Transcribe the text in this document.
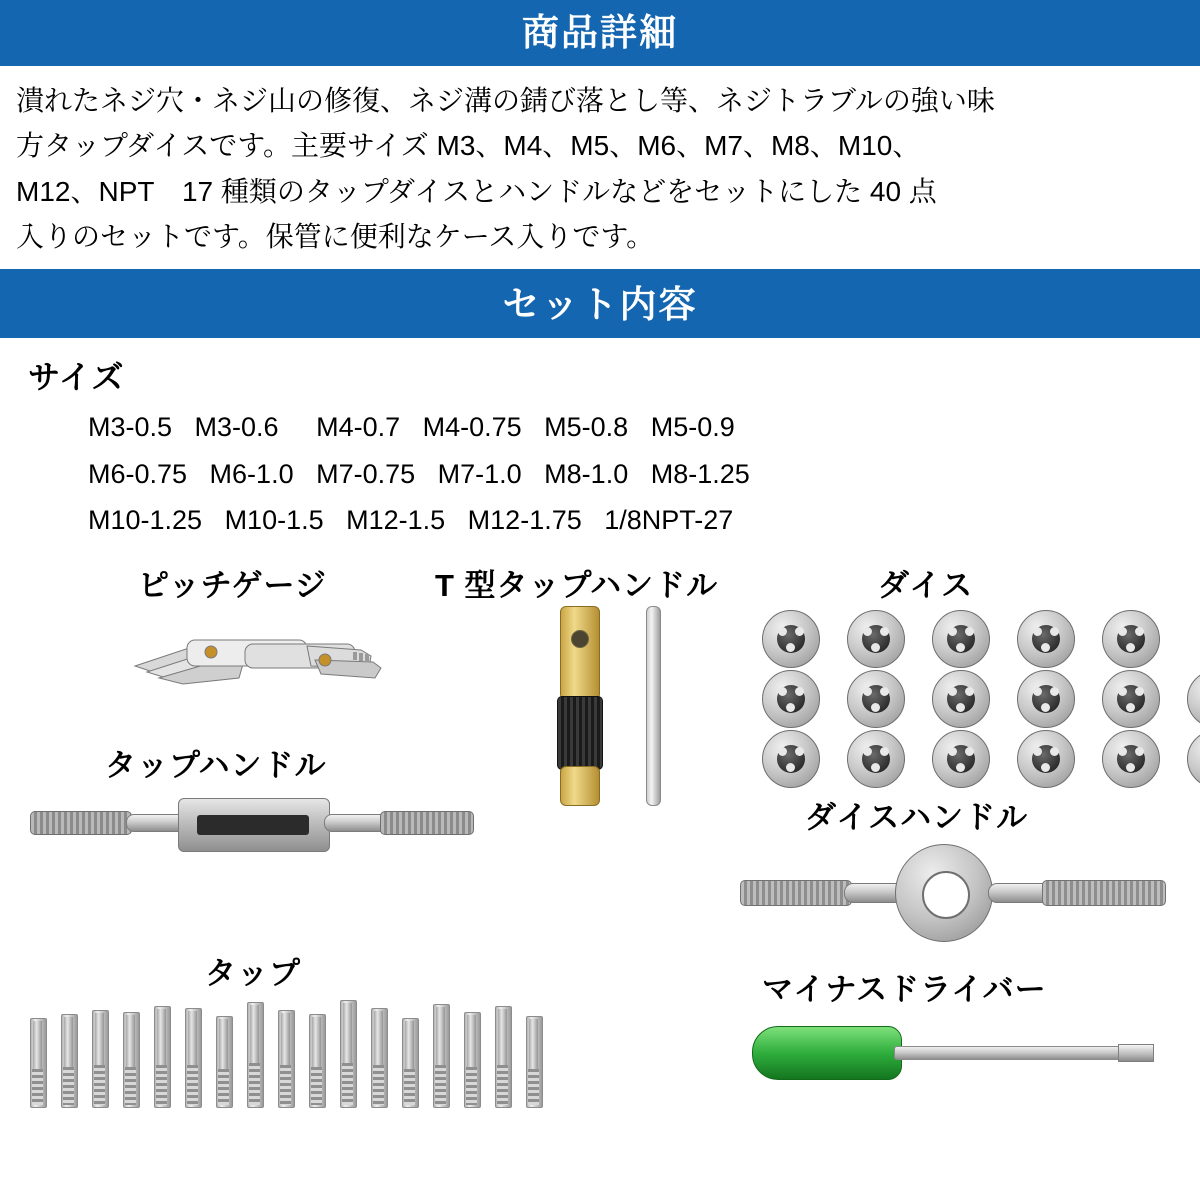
商品詳細

潰れたネジ穴・ネジ山の修復、ネジ溝の錆び落とし等、ネジトラブルの強い味

方タップダイスです。主要サイズ M3、M4、M5、M6、M7、M8、M10、

M12、NPT　17 種類のタップダイスとハンドルなどをセットにした 40 点

入りのセットです。保管に便利なケース入りです。

セット内容
サイズ
M3-0.5   M3-0.6     M4-0.7   M4-0.75   M5-0.8   M5-0.9
M6-0.75   M6-1.0   M7-0.75   M7-1.0   M8-1.0   M8-1.25
M10-1.25   M10-1.5   M12-1.5   M12-1.75   1/8NPT-27
ピッチゲージ	T 型タップハンドル	ダイス
タップハンドル
ダイスハンドル
タップ	マイナスドライバー
